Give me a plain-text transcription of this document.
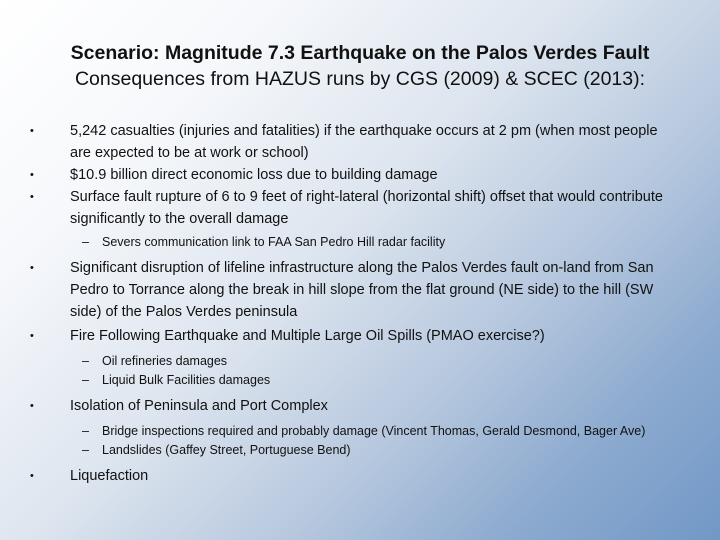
Scenario: Magnitude 7.3 Earthquake on the Palos Verdes Fault
Consequences from HAZUS runs by CGS (2009) & SCEC (2013):
• 5,242 casualties (injuries and fatalities) if the earthquake occurs at 2 pm (when most people are expected to be at work or school)
• $10.9 billion direct economic loss due to building damage
• Surface fault rupture of 6 to 9 feet of right-lateral (horizontal shift) offset that would contribute significantly to the overall damage
– Severs communication link to FAA San Pedro Hill radar facility
• Significant disruption of lifeline infrastructure along the Palos Verdes fault on-land from San Pedro to Torrance along the break in hill slope from the flat ground (NE side) to the hill (SW side) of the Palos Verdes peninsula
• Fire Following Earthquake and Multiple Large Oil Spills (PMAO exercise?)
– Oil refineries damages
– Liquid Bulk Facilities damages
• Isolation of Peninsula and Port Complex
– Bridge inspections required and probably damage (Vincent Thomas, Gerald Desmond, Bager Ave)
– Landslides (Gaffey Street, Portuguese Bend)
• Liquefaction
